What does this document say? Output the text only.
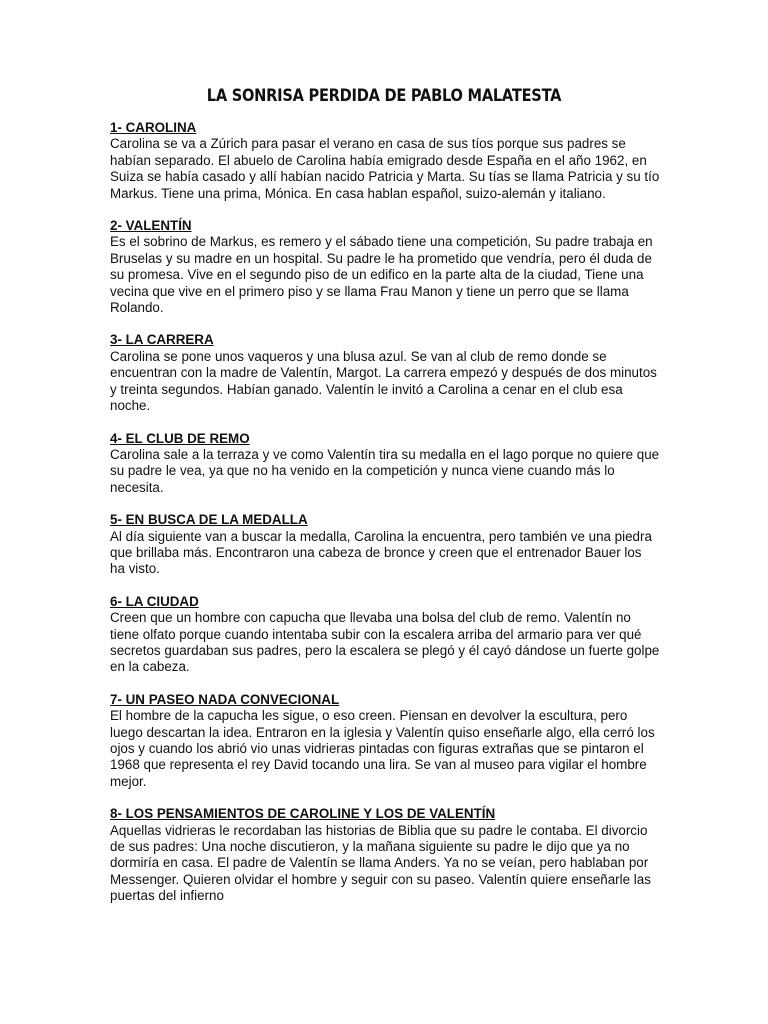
LA SONRISA PERDIDA DE PABLO MALATESTA

1- CAROLINA

Carolina se va a Zúrich para pasar el verano en casa de sus tíos porque sus padres se habían separado. El abuelo de Carolina había emigrado desde España en el año 1962, en Suiza se había casado y allí habían nacido Patricia y Marta. Su tías se llama Patricia y su tío Markus. Tiene una prima, Mónica. En casa hablan español, suizo-alemán y italiano.

2- VALENTÍN

Es el sobrino de Markus, es remero y el sábado tiene una competición, Su padre trabaja en Bruselas y su madre en un hospital. Su padre le ha prometido que vendría, pero él duda de su promesa. Vive en el segundo piso de un edifico en la parte alta de la ciudad, Tiene una vecina que vive en el primero piso y se llama Frau Manon y tiene un perro que se llama Rolando.

3- LA CARRERA

Carolina se pone unos vaqueros y una blusa azul. Se van al club de remo donde se encuentran con la madre de Valentín, Margot. La carrera empezó y después de dos minutos y treinta segundos. Habían ganado. Valentín le invitó a Carolina a cenar en el club esa noche.

4- EL CLUB DE REMO

Carolina sale a la terraza y ve como Valentín tira su medalla en el lago porque no quiere que su padre le vea, ya que no ha venido en la competición y nunca viene cuando más lo necesita.

5- EN BUSCA DE LA MEDALLA

Al día siguiente van a buscar la medalla, Carolina la encuentra, pero también ve una piedra que brillaba más. Encontraron una cabeza de bronce y creen que el entrenador Bauer los ha visto.

6- LA CIUDAD

Creen que un hombre con capucha que llevaba una bolsa del club de remo. Valentín no tiene olfato porque cuando intentaba subir con la escalera arriba del armario para ver qué secretos guardaban sus padres, pero la escalera se plegó y él cayó dándose un fuerte golpe en la cabeza.

7- UN PASEO NADA CONVECIONAL

El hombre de la capucha les sigue, o eso creen. Piensan en devolver la escultura, pero luego descartan la idea. Entraron en la iglesia y Valentín quiso enseñarle algo, ella cerró los ojos y cuando los abrió vio unas vidrieras pintadas con figuras extrañas que se pintaron el 1968 que representa el rey David tocando una lira. Se van al museo para vigilar el hombre mejor.

8- LOS PENSAMIENTOS DE CAROLINE Y LOS DE VALENTÍN

Aquellas vidrieras le recordaban las historias de Biblia que su padre le contaba. El divorcio de sus padres: Una noche discutieron, y la mañana siguiente su padre le dijo que ya no dormiría en casa. El padre de Valentín se llama Anders. Ya no se veían, pero hablaban por Messenger. Quieren olvidar el hombre y seguir con su paseo. Valentín quiere enseñarle las puertas del infierno
